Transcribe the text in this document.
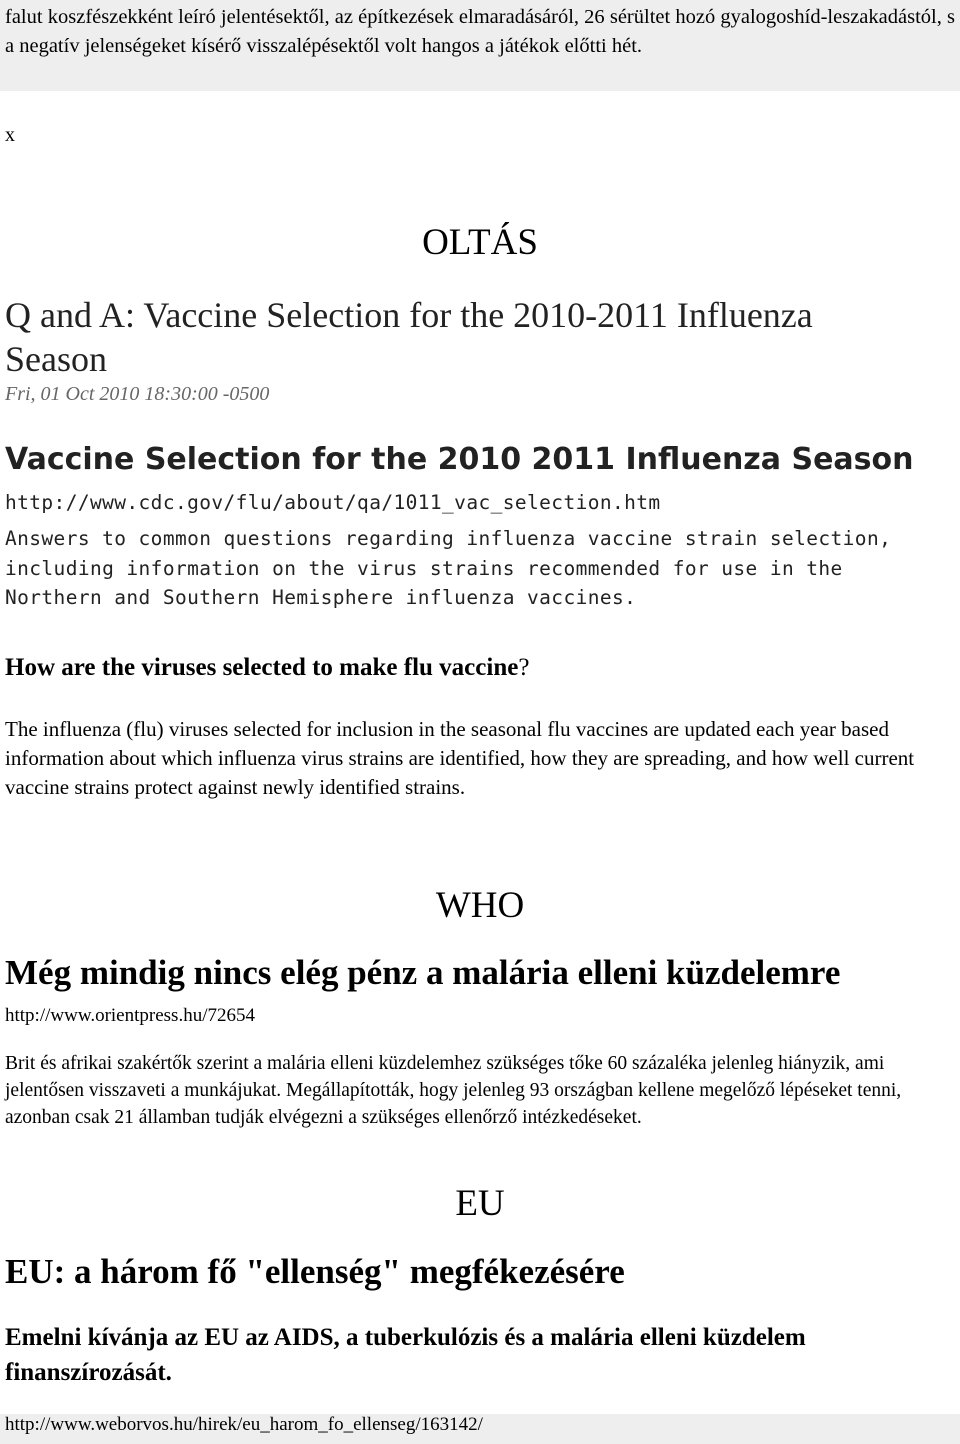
falut koszfészekként leíró jelentésektől, az építkezések elmaradásáról, 26 sérültet hozó gyalogoshíd-leszakadástól, s a negatív jelenségeket kísérő visszalépésektől volt hangos a játékok előtti hét.
x
OLTÁS
Q and A: Vaccine Selection for the 2010-2011 Influenza Season
Fri, 01 Oct 2010 18:30:00 -0500
Vaccine Selection for the 2010 2011 Influenza Season
http://www.cdc.gov/flu/about/qa/1011_vac_selection.htm
Answers to common questions regarding influenza vaccine strain selection, including information on the virus strains recommended for use in the Northern and Southern Hemisphere influenza vaccines.
How are the viruses selected to make flu vaccine?
The influenza (flu) viruses selected for inclusion in the seasonal flu vaccines are updated each year based information about which influenza virus strains are identified, how they are spreading, and how well current vaccine strains protect against newly identified strains.
WHO
Még mindig nincs elég pénz a malária elleni küzdelemre
http://www.orientpress.hu/72654
Brit és afrikai szakértők szerint a malária elleni küzdelemhez szükséges tőke 60 százaléka jelenleg hiányzik, ami jelentősen visszaveti a munkájukat. Megállapították, hogy jelenleg 93 országban kellene megelőző lépéseket tenni, azonban csak 21 államban tudják elvégezni a szükséges ellenőrző intézkedéseket.
EU
EU: a három fő "ellenség" megfékezésére
Emelni kívánja az EU az AIDS, a tuberkulózis és a malária elleni küzdelem finanszírozását.
http://www.weborvos.hu/hirek/eu_harom_fo_ellenseg/163142/
